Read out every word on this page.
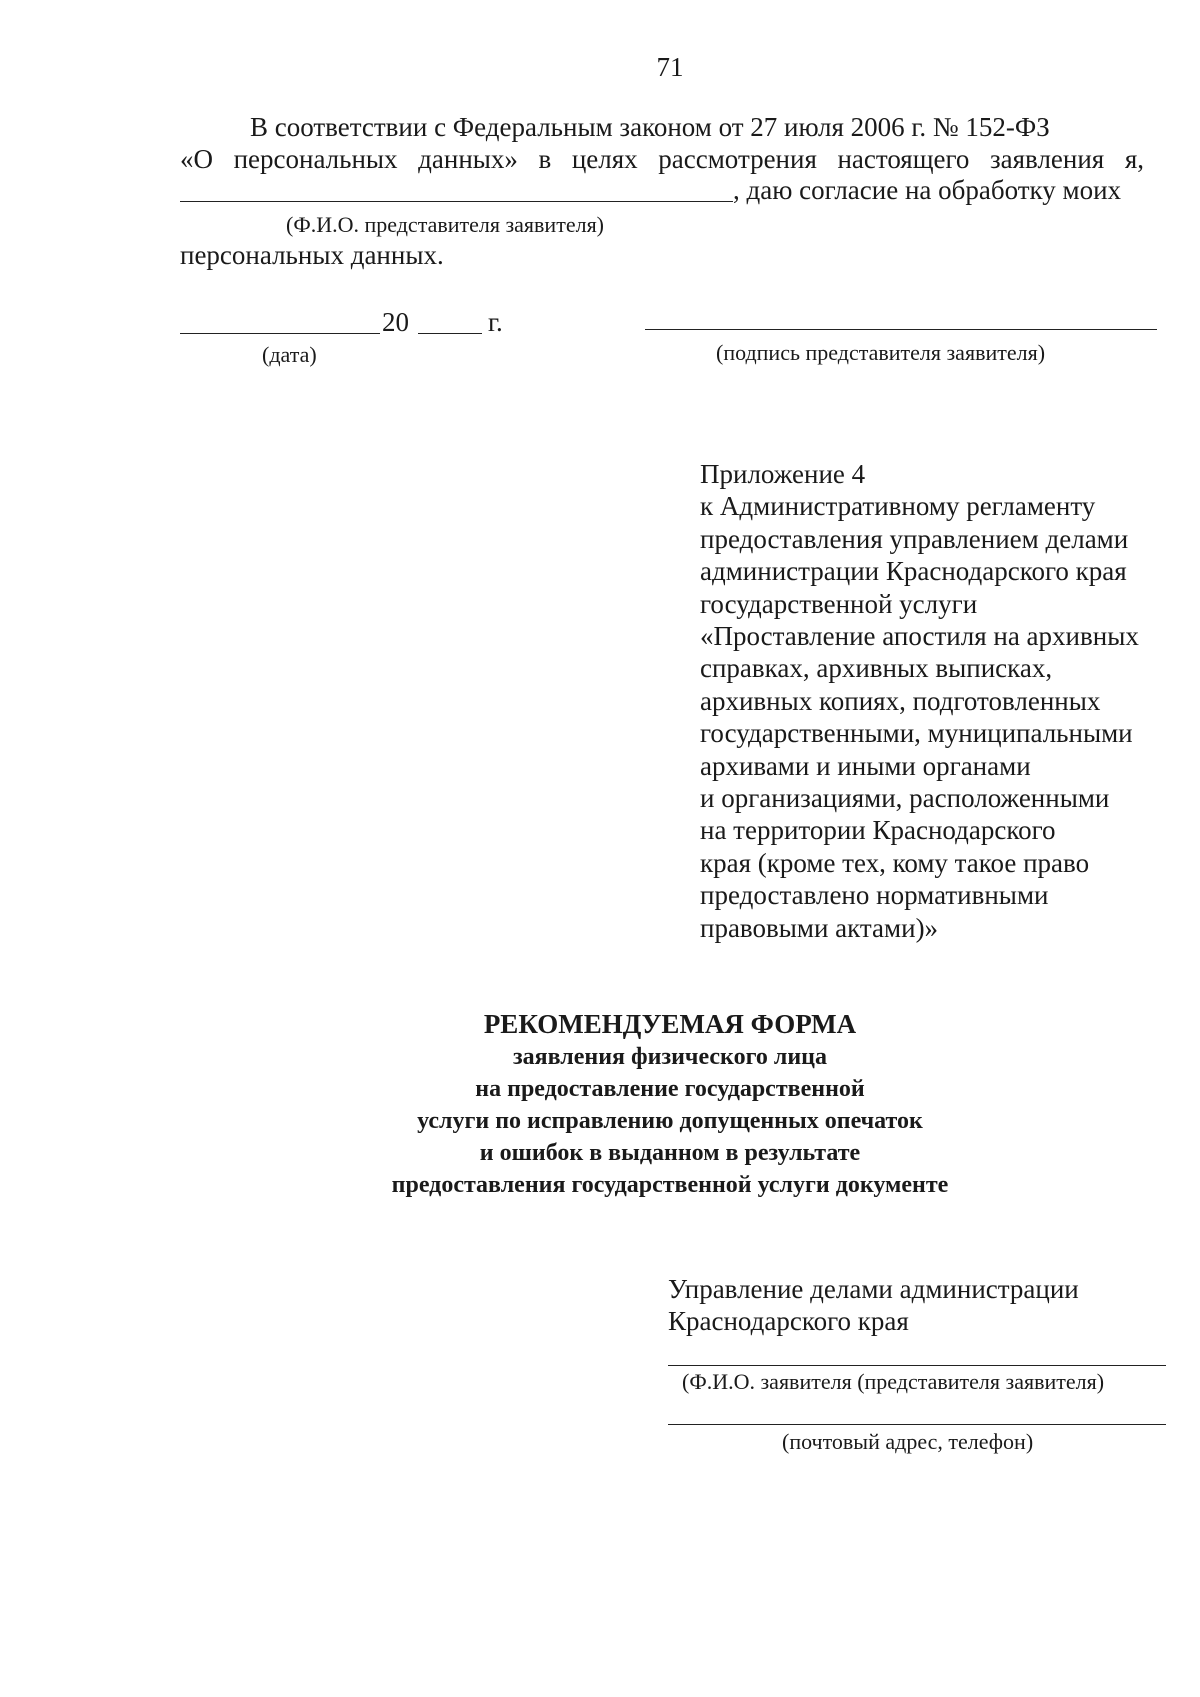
71
В соответствии с Федеральным законом от 27 июля 2006 г. № 152-ФЗ
«О персональных данных» в целях рассмотрения настоящего заявления я,
, даю согласие на обработку моих
(Ф.И.О. представителя заявителя)
персональных данных.
20	г.
(дата)	(подпись представителя заявителя)
Приложение 4
к Административному регламенту
предоставления управлением делами
администрации Краснодарского края
государственной услуги
«Проставление апостиля на архивных
справках, архивных выписках,
архивных копиях, подготовленных
государственными, муниципальными
архивами и иными органами
и организациями, расположенными
на территории Краснодарского
края (кроме тех, кому такое право
предоставлено нормативными
правовыми актами)»
РЕКОМЕНДУЕМАЯ ФОРМА
заявления физического лица
на предоставление государственной
услуги по исправлению допущенных опечаток
и ошибок в выданном в результате
предоставления государственной услуги документе
Управление делами администрации
Краснодарского края
(Ф.И.О. заявителя (представителя заявителя)
(почтовый адрес, телефон)
